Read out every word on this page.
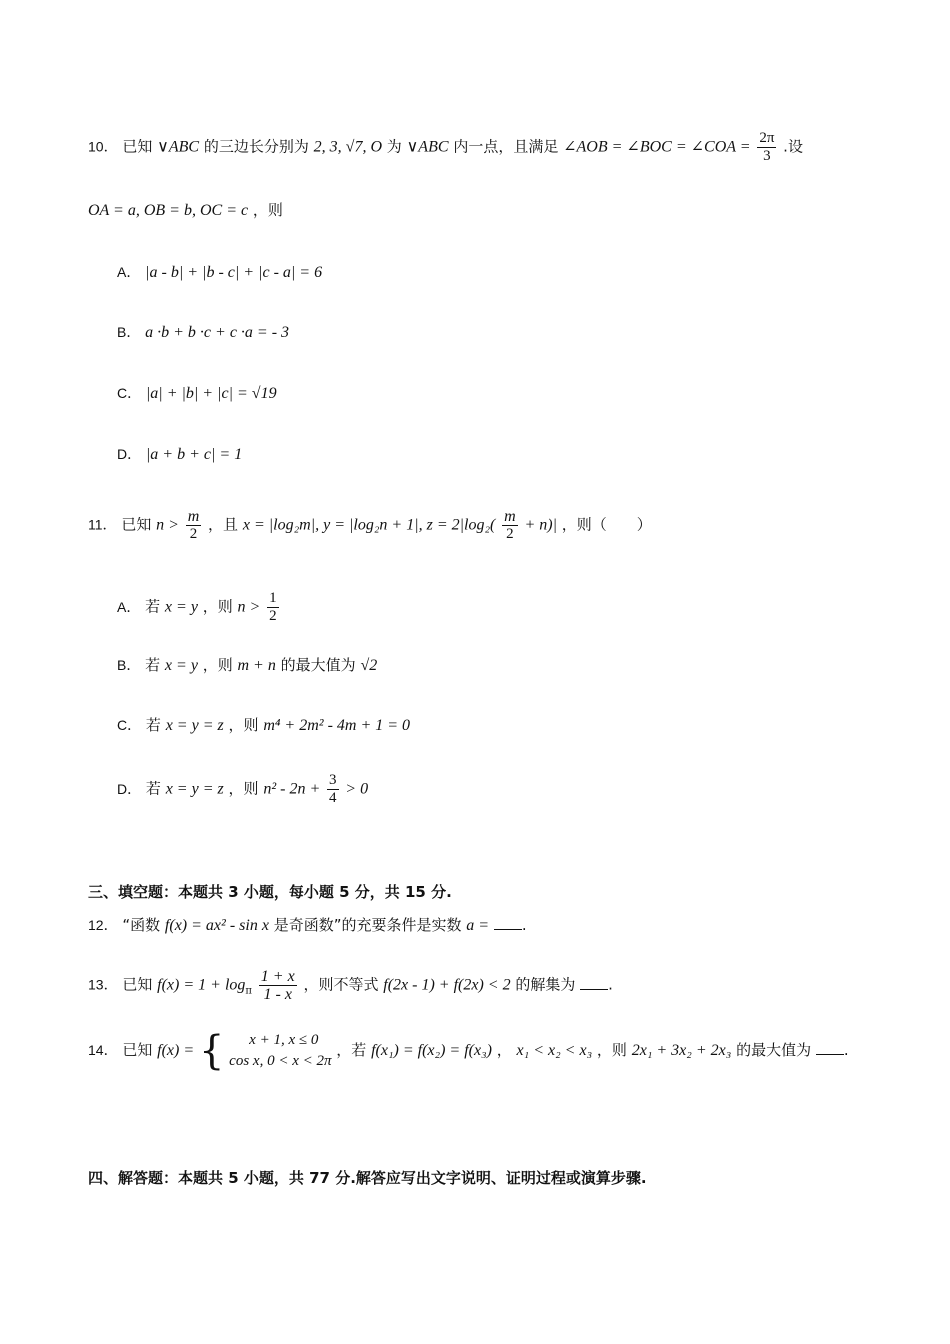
10． 已知 ∨ABC 的三边长分别为 2, 3, √7, O 为 ∨ABC 内一点，且满足 ∠AOB = ∠BOC = ∠COA = $\frac{2\pi}{3}$ .设
OA = a, OB = b, OC = c ，则
A． |a - b| + |b - c| + |c - a| = 6
B． a ·b + b ·c + c ·a = - 3
C． |a| + |b| + |c| = √19
D． |a + b + c| = 1
11． 已知 $n > \frac{m}{2}$ ，且 x = |log₂m|, y = |log₂n + 1|, $z = 2|\log_2( \frac{m}{2} + n)|$ ，则（　　）
A． 若 x = y ，则 $n > \frac{1}{2}$
B． 若 x = y ，则 m + n 的最大值为 √2
C． 若 x = y = z ，则 m⁴ + 2m² - 4m + 1 = 0
D． 若 x = y = z ，则 $n^2 - 2n + \frac{3}{4} > 0$
三、填空题：本题共 3 小题，每小题 5 分，共 15 分.
12． “函数 f(x) = ax² - sin x 是奇函数”的充要条件是实数 a = .
13． 已知 $f(x) = 1 + \log_\pi \frac{1 + x}{1 - x}$ ，则不等式 f(2x - 1) + f(2x) < 2 的解集为 .
14． 已知 f(x) = {	x + 1, x ≤ 0
cos x, 0 < x < 2π
，若 f(x₁) = f(x₂) = f(x₃) ， x₁ < x₂ < x₃ ，则 2x₁ + 3x₂ + 2x₃ 的最大值为 .
四、解答题：本题共 5 小题，共 77 分.解答应写出文字说明、证明过程或演算步骤.
